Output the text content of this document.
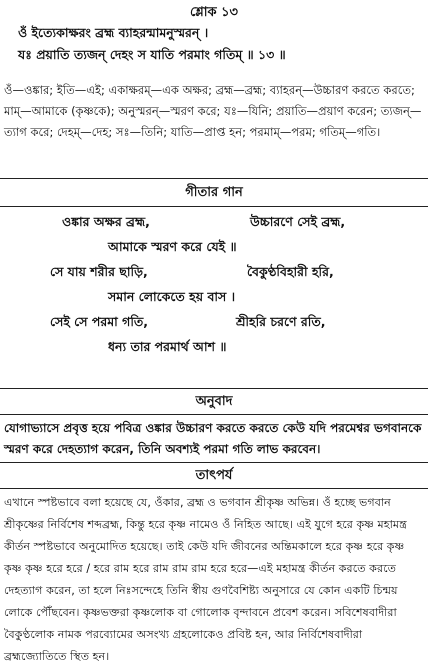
শ্লোক ১৩
ওঁ ইত্যেকাক্ষরং ব্রহ্ম ব্যাহরন্মামনুস্মরন্ ।
যঃ প্রয়াতি ত্যজন্ দেহং স যাতি পরমাং গতিম্ ॥ ১৩ ॥
ওঁ—ওঙ্কার; ইতি—এই; একাক্ষরম্—এক অক্ষর; ব্রহ্ম—ব্রহ্ম; ব্যাহরন্—উচ্চারণ করতে করতে; মাম্—আমাকে (কৃষ্ণকে); অনুস্মরন্—স্মরণ করে; যঃ—যিনি; প্রয়াতি—প্রয়াণ করেন; ত্যজন্—ত্যাগ করে; দেহম্—দেহ; সঃ—তিনি; যাতি—প্রাপ্ত হন; পরমাম্—পরম; গতিম্—গতি।
গীতার গান
ওঙ্কার অক্ষর ব্রহ্ম,	উচ্চারণে সেই ব্রহ্ম,
আমাকে স্মরণ করে যেই ॥
সে যায় শরীর ছাড়ি,	বৈকুণ্ঠবিহারী হরি,
সমান লোকেতে হয় বাস ।
সেই সে পরমা গতি,	শ্রীহরি চরণে রতি,
ধন্য তার পরমার্থ আশ ॥
অনুবাদ
যোগাভ্যাসে প্রবৃত্ত হয়ে পবিত্র ওঙ্কার উচ্চারণ করতে করতে কেউ যদি পরমেশ্বর ভগবানকে স্মরণ করে দেহত্যাগ করেন, তিনি অবশ্যই পরমা গতি লাভ করবেন।
তাৎপর্য

এখানে স্পষ্টভাবে বলা হয়েছে যে, ওঁকার, ব্রহ্ম ও ভগবান শ্রীকৃষ্ণ অভিন্ন। ওঁ হচ্ছে ভগবান শ্রীকৃষ্ণের নির্বিশেষ শব্দব্রহ্ম, কিন্তু হরে কৃষ্ণ নামেও ওঁ নিহিত আছে। এই যুগে হরে কৃষ্ণ মহামন্ত্র কীর্তন স্পষ্টভাবে অনুমোদিত হয়েছে। তাই কেউ যদি জীবনের অন্তিমকালে হরে কৃষ্ণ হরে কৃষ্ণ কৃষ্ণ কৃষ্ণ হরে হরে / হরে রাম হরে রাম রাম রাম হরে হরে—এই মহামন্ত্র কীর্তন করতে করতে দেহত্যাগ করেন, তা হলে নিঃসন্দেহে তিনি স্বীয় গুণবৈশিষ্ট্য অনুসারে যে কোন একটি চিন্ময় লোকে পৌঁছবেন। কৃষ্ণভক্তরা কৃষ্ণলোক বা গোলোক বৃন্দাবনে প্রবেশ করেন। সবিশেষবাদীরা বৈকুণ্ঠলোক নামক পরব্যোমের অসংখ্য গ্রহলোকেও প্রবিষ্ট হন, আর নির্বিশেষবাদীরা ব্রহ্মজ্যোতিতে স্থিত হন।
